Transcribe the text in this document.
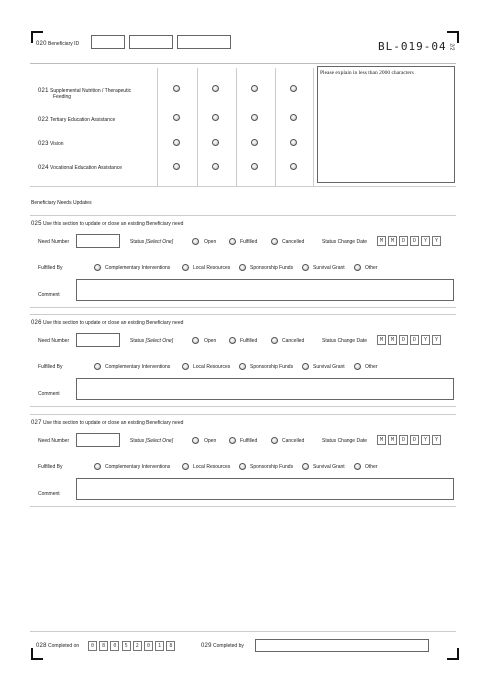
020 Beneficiary ID	BL-019-04 2/2
021 Supplemental Nutrition / Therapeutic
Feeding
022 Tertiary Education Assistance
023 Vision
024 Vocational Education Assistance
Please explain in less than 2000 characters
Beneficiary Needs Updates
025 Use this section to update or close an existing Beneficiary need
Need Number	Status [Select One]	Open	Fulfilled	Cancelled	Status Change Date	M	M	D	D	Y	Y
Fulfilled By	Complementary Interventions	Local Resources	Sponsorship Funds	Survival Grant	Other
Comment
026 Use this section to update or close an existing Beneficiary need
Need Number	Status [Select One]	Open	Fulfilled	Cancelled	Status Change Date	M	M	D	D	Y	Y
Fulfilled By	Complementary Interventions	Local Resources	Sponsorship Funds	Survival Grant	Other
Comment
027 Use this section to update or close an existing Beneficiary need
Need Number	Status [Select One]	Open	Fulfilled	Cancelled	Status Change Date	M	M	D	D	Y	Y
Fulfilled By	Complementary Interventions	Local Resources	Sponsorship Funds	Survival Grant	Other
Comment
028 Completed on	0	8	0	5	2	0	1	8	029 Completed by
